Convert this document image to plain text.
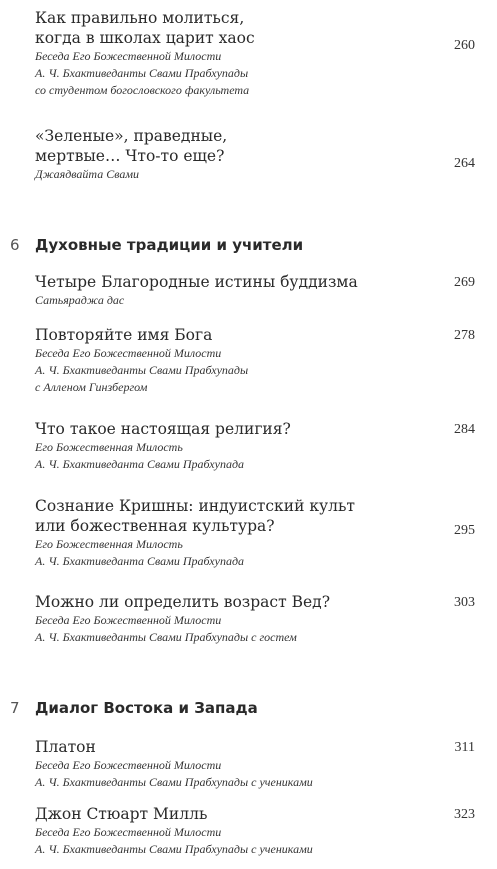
Как правильно молиться,
когда в школах царит хаос
Беседа Его Божественной Милости
А. Ч. Бхактиведанты Свами Прабхупады
со студентом богословского факультета
260
«Зеленые», праведные,
мертвые… Что-то еще?
Джаядвайта Свами
264
6 Духовные традиции и учители
Четыре Благородные истины буддизма
Сатьяраджа дас
269
Повторяйте имя Бога
Беседа Его Божественной Милости
А. Ч. Бхактиведанты Свами Прабхупады
с Алленом Гинзбергом
278
Что такое настоящая религия?
Его Божественная Милость
А. Ч. Бхактиведанта Свами Прабхупада
284
Сознание Кришны: индуистский культ
или божественная культура?
Его Божественная Милость
А. Ч. Бхактиведанта Свами Прабхупада
295
Можно ли определить возраст Вед?
Беседа Его Божественной Милости
А. Ч. Бхактиведанты Свами Прабхупады с гостем
303
7 Диалог Востока и Запада
Платон
Беседа Его Божественной Милости
А. Ч. Бхактиведанты Свами Прабхупады с учениками
311
Джон Стюарт Милль
Беседа Его Божественной Милости
А. Ч. Бхактиведанты Свами Прабхупады с учениками
323
